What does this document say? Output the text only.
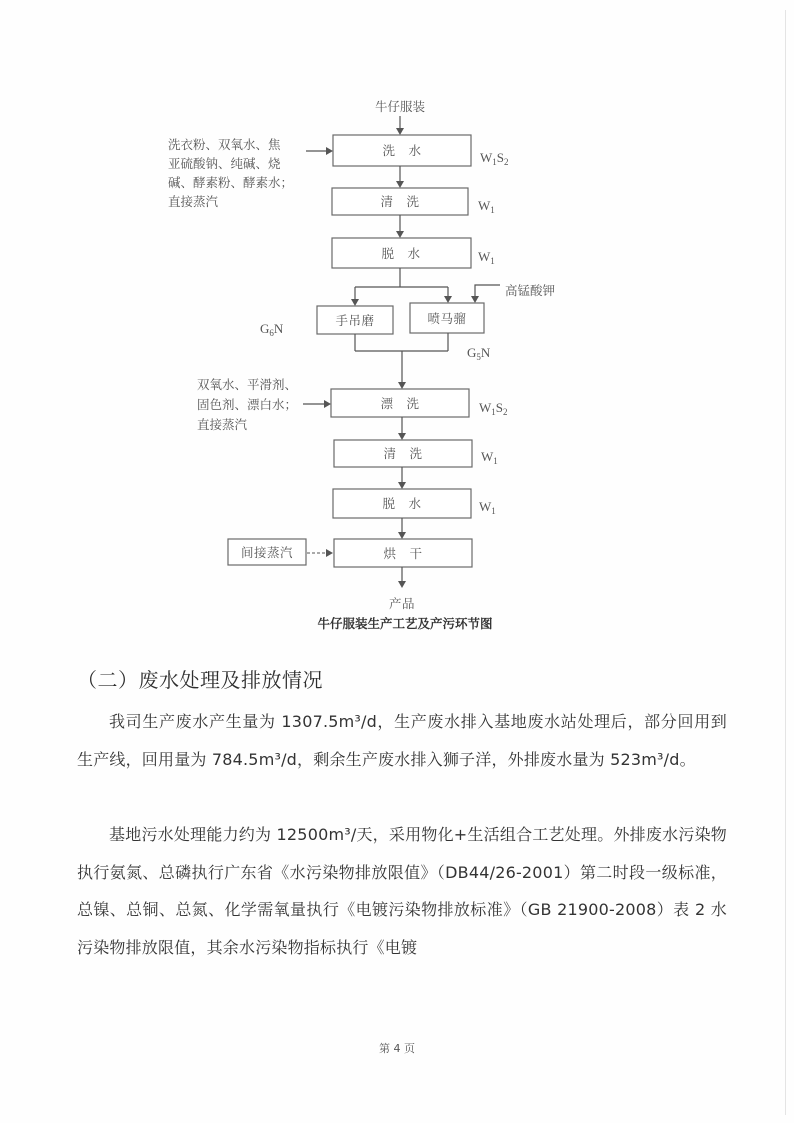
牛仔服装
洗　水	$W_1S_2$
洗衣粉、双氧水、焦
亚硫酸钠、纯碱、烧
碱、酵素粉、酵素水；
直接蒸汽	清　洗	$W_1$
脱　水	$W_1$
高锰酸钾
手吊磨
$G_6N$
喷马骝
$G_5N$
漂　洗	$W_1S_2$
双氧水、平滑剂、
固色剂、漂白水；
直接蒸汽
清　洗	$W_1$
脱　水	$W_1$
烘　干
间接蒸汽
产品
牛仔服装生产工艺及产污环节图
（二）废水处理及排放情况
我司生产废水产生量为 1307.5m³/d，生产废水排入基地废水站处理后，部分回用到生产线，回用量为 784.5m³/d，剩余生产废水排入狮子洋，外排废水量为 523m³/d。
基地污水处理能力约为 12500m³/天，采用物化+生活组合工艺处理。外排废水污染物执行氨氮、总磷执行广东省《水污染物排放限值》（DB44/26-2001）第二时段一级标准，总镍、总铜、总氮、化学需氧量执行《电镀污染物排放标准》（GB 21900-2008）表 2 水污染物排放限值，其余水污染物指标执行《电镀
第 4 页
